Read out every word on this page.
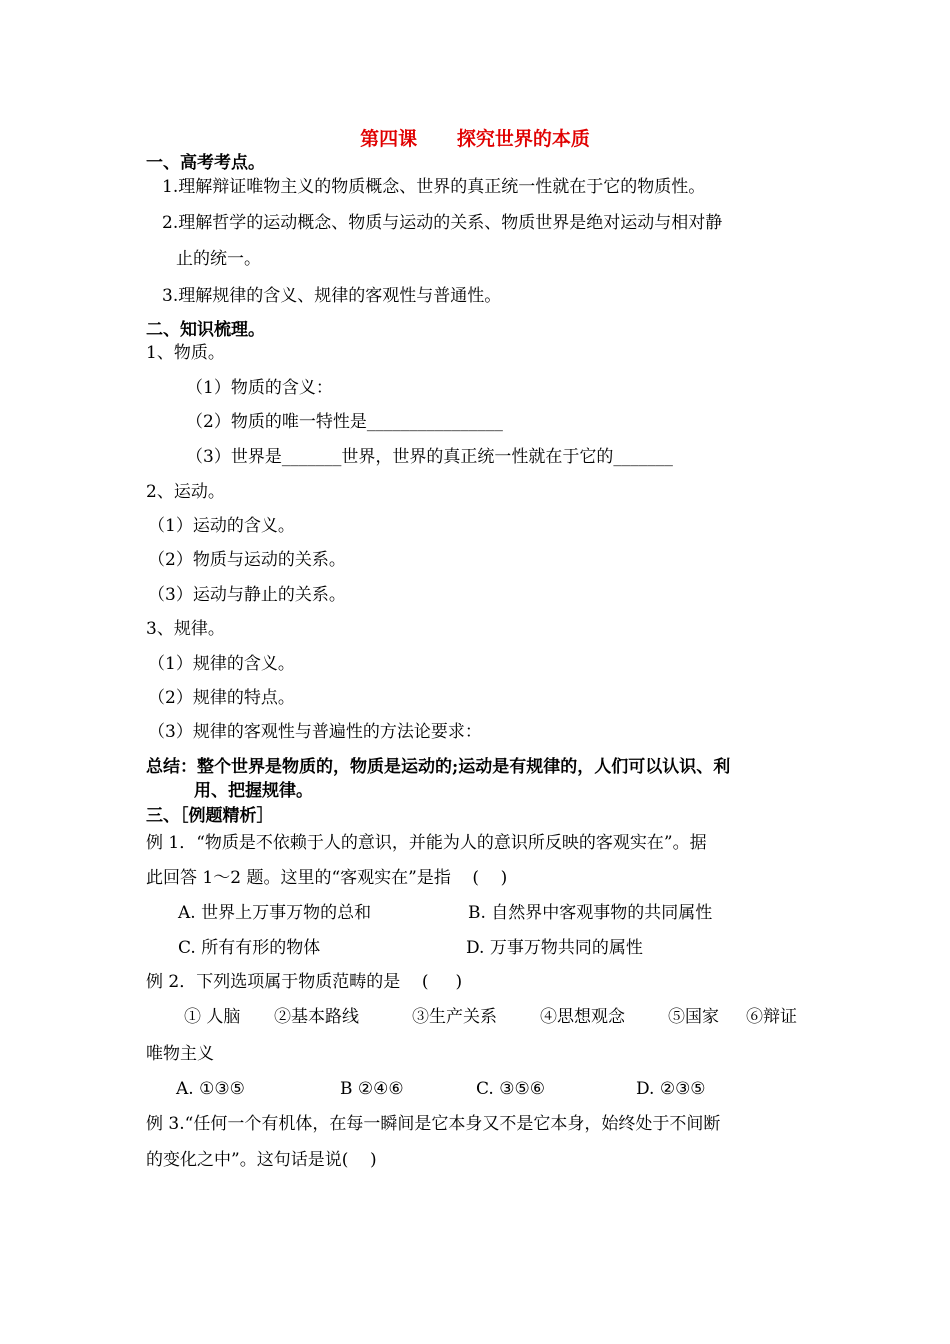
第四课      探究世界的本质
一、高考考点。
1.理解辩证唯物主义的物质概念、世界的真正统一性就在于它的物质性。
2.理解哲学的运动概念、物质与运动的关系、物质世界是绝对运动与相对静
止的统一。
3.理解规律的含义、规律的客观性与普通性。
二、知识梳理。
1、物质。
（1）物质的含义：
（2）物质的唯一特性是________________
（3）世界是_______世界，世界的真正统一性就在于它的_______
2、运动。
（1）运动的含义。
（2）物质与运动的关系。
（3）运动与静止的关系。
3、规律。
（1）规律的含义。
（2）规律的特点。
（3）规律的客观性与普遍性的方法论要求：
总结：整个世界是物质的，物质是运动的;运动是有规律的，人们可以认识、利
用、把握规律。
三、［例题精析］
例 1．“物质是不依赖于人的意识，并能为人的意识所反映的客观实在”。据
此回答 1～2 题。这里的“客观实在”是指    (    )
A. 世界上万事万物的总和	B. 自然界中客观事物的共同属性
C. 所有有形的物体	D. 万事万物共同的属性
例 2．下列选项属于物质范畴的是    (     )
① 人脑 ②基本路线	③生产关系	④思想观念	⑤国家 ⑥辩证
唯物主义
A. ①③⑤	B ②④⑥	C. ③⑤⑥	D. ②③⑤
例 3.“任何一个有机体，在每一瞬间是它本身又不是它本身，始终处于不间断
的变化之中”。这句话是说(    )
